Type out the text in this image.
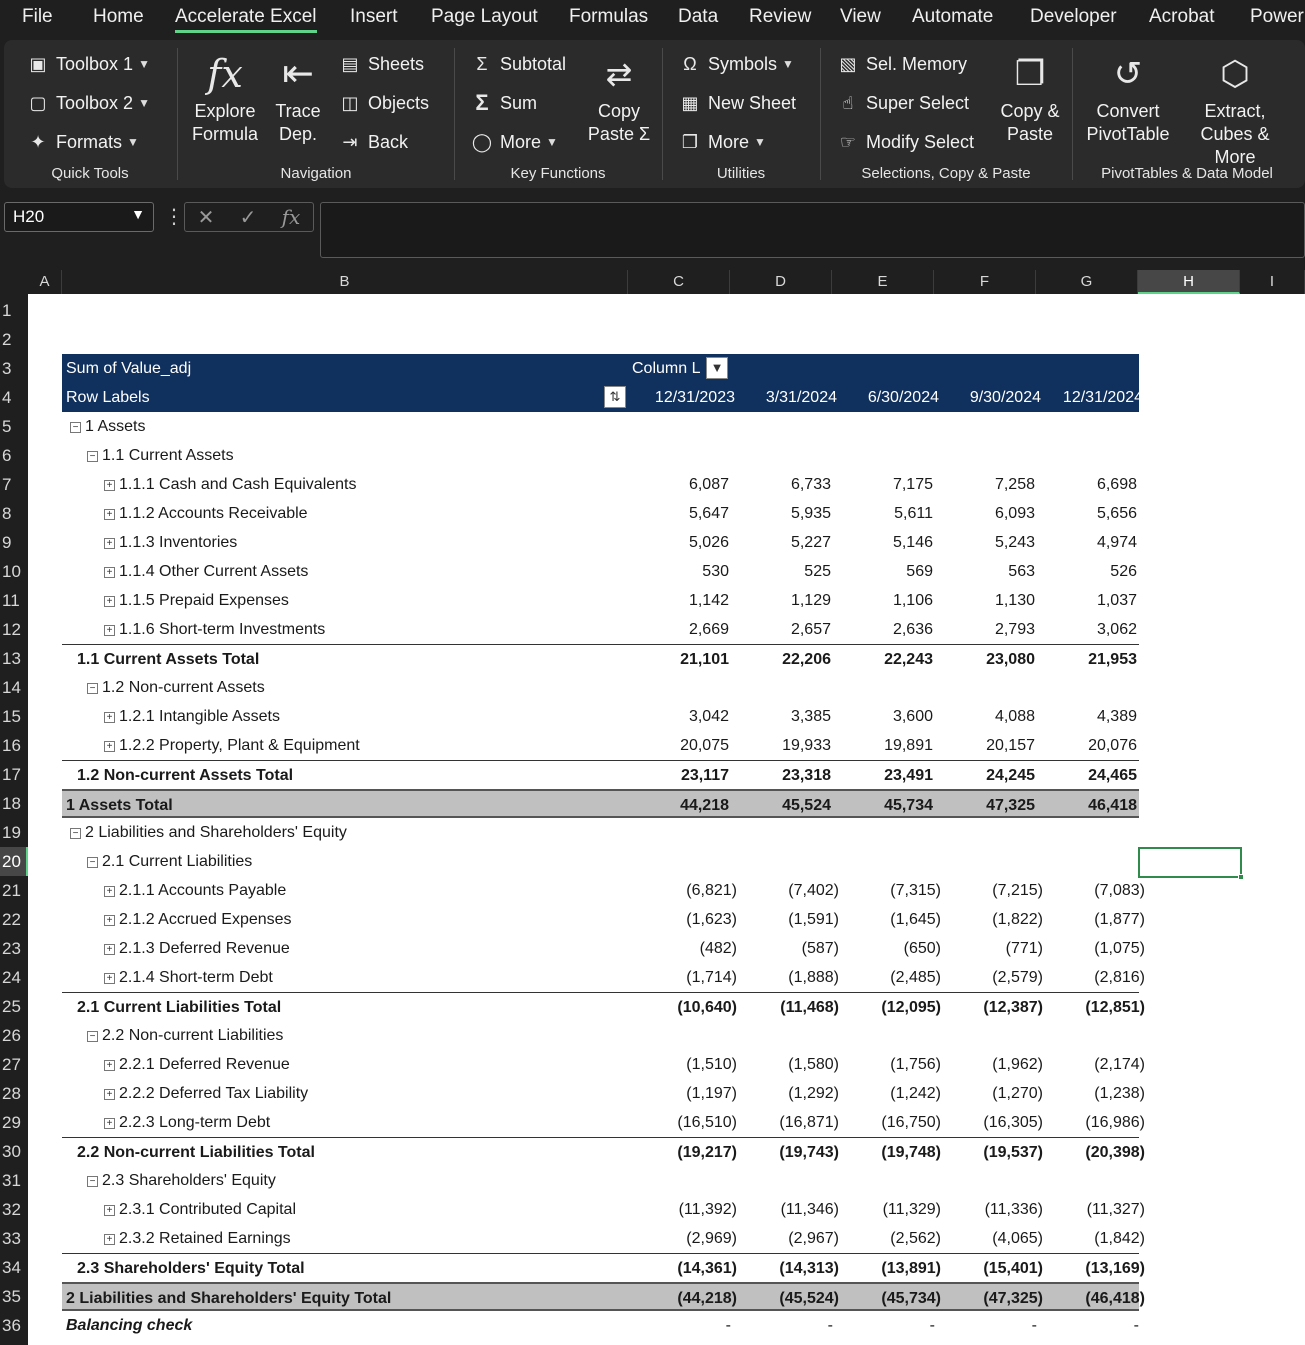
File Home Accelerate Excel Insert Page Layout Formulas Data Review View Automate Developer Acrobat Power
▣ Toolbox 1 ▼
▢ Toolbox 2 ▼
✦ Formats ▼
Quick Tools
fx
Explore Formula
⇤
Trace Dep.
▤ Sheets
◫ Objects
⇥ Back
Navigation
Σ Subtotal
Σ Sum
◯ More ▼
⇄
Copy Paste Σ
Key Functions
Ω Symbols ▼
▦ New Sheet
❐ More ▼
Utilities
▧ Sel. Memory
☝ Super Select
☞ Modify Select
❐
Copy & Paste
Selections, Copy & Paste
↺
Convert PivotTable
⬡
Extract, Cubes & More
PivotTables & Data Model
H20	▼ ⋮ ✕ ✓ fx
A	B	C	D	E	F	G	H	I
1
2
3
4
5
6
7
8
9
10
11
12
13
14
15
16
17
18
19
20
21
22
23
24
25
26
27
28
29
30
31
32
33
34
35
36
Sum of Value_adj	Column L ▼
Row Labels	⇅	12/31/2023 3/31/2024 6/30/2024 9/30/2024 12/31/2024
− 1 Assets
− 1.1 Current Assets
+ 1.1.1 Cash and Cash Equivalents	6,087	6,733	7,175	7,258	6,698
+ 1.1.2 Accounts Receivable	5,647	5,935	5,611	6,093	5,656
+ 1.1.3 Inventories	5,026	5,227	5,146	5,243	4,974
+ 1.1.4 Other Current Assets	530	525	569	563	526
+ 1.1.5 Prepaid Expenses	1,142	1,129	1,106	1,130	1,037
+ 1.1.6 Short-term Investments	2,669	2,657	2,636	2,793	3,062
1.1 Current Assets Total	21,101	22,206	22,243	23,080	21,953
− 1.2 Non-current Assets
+ 1.2.1 Intangible Assets	3,042	3,385	3,600	4,088	4,389
+ 1.2.2 Property, Plant & Equipment	20,075	19,933	19,891	20,157	20,076
1.2 Non-current Assets Total	23,117	23,318	23,491	24,245	24,465
1 Assets Total	44,218	45,524	45,734	47,325	46,418
− 2 Liabilities and Shareholders' Equity
− 2.1 Current Liabilities
+ 2.1.1 Accounts Payable	(6,821)	(7,402)	(7,315)	(7,215)	(7,083)
+ 2.1.2 Accrued Expenses	(1,623)	(1,591)	(1,645)	(1,822)	(1,877)
+ 2.1.3 Deferred Revenue	(482)	(587)	(650)	(771)	(1,075)
+ 2.1.4 Short-term Debt	(1,714)	(1,888)	(2,485)	(2,579)	(2,816)
2.1 Current Liabilities Total	(10,640)	(11,468)	(12,095)	(12,387)	(12,851)
− 2.2 Non-current Liabilities
+ 2.2.1 Deferred Revenue	(1,510)	(1,580)	(1,756)	(1,962)	(2,174)
+ 2.2.2 Deferred Tax Liability	(1,197)	(1,292)	(1,242)	(1,270)	(1,238)
+ 2.2.3 Long-term Debt	(16,510)	(16,871)	(16,750)	(16,305)	(16,986)
2.2 Non-current Liabilities Total	(19,217)	(19,743)	(19,748)	(19,537)	(20,398)
− 2.3 Shareholders' Equity
+ 2.3.1 Contributed Capital	(11,392)	(11,346)	(11,329)	(11,336)	(11,327)
+ 2.3.2 Retained Earnings	(2,969)	(2,967)	(2,562)	(4,065)	(1,842)
2.3 Shareholders' Equity Total	(14,361)	(14,313)	(13,891)	(15,401)	(13,169)
2 Liabilities and Shareholders' Equity Total	(44,218)	(45,524)	(45,734)	(47,325)	(46,418)
Balancing check	-	-	-	-	-
